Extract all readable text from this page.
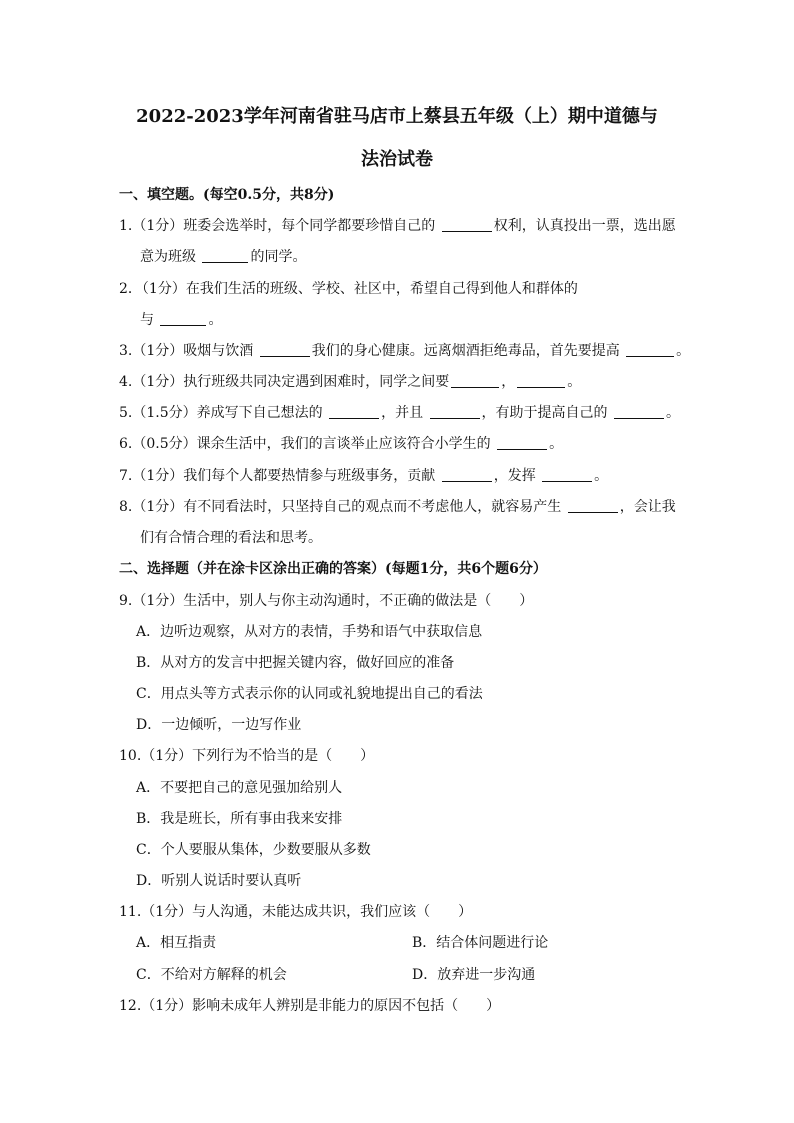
2022-2023学年河南省驻马店市上蔡县五年级（上）期中道德与

法治试卷

一、填空题。(每空0.5分，共8分)

1.（1分）班委会选举时，每个同学都要珍惜自己的	权利，认真投出一票，选出愿

意为班级	的同学。

2．（1分）在我们生活的班级、学校、社区中，希望自己得到他人和群体的

与	。

3.（1分）吸烟与饮酒	我们的身心健康。远离烟酒拒绝毒品，首先要提高	。

4.（1分）执行班级共同决定遇到困难时，同学之间要	，	。

5.（1.5分）养成写下自己想法的	，并且	，有助于提高自己的	。

6.（0.5分）课余生活中，我们的言谈举止应该符合小学生的	。

7.（1分）我们每个人都要热情参与班级事务，贡献	，发挥	。

8.（1分）有不同看法时，只坚持自己的观点而不考虑他人，就容易产生	，会让我

们有合情合理的看法和思考。

二、选择题（并在涂卡区涂出正确的答案）(每题1分，共6个题6分）

9.（1分）生活中，别人与你主动沟通时，不正确的做法是（　　）

A．边听边观察，从对方的表情，手势和语气中获取信息

B．从对方的发言中把握关键内容，做好回应的准备

C．用点头等方式表示你的认同或礼貌地提出自己的看法

D．一边倾听，一边写作业

10.（1分）下列行为不恰当的是（　　）

A．不要把自己的意见强加给别人

B．我是班长，所有事由我来安排

C．个人要服从集体，少数要服从多数

D．听别人说话时要认真听

11.（1分）与人沟通，未能达成共识，我们应该（　　）

A．相互指责	B．结合体问题进行论

C．不给对方解释的机会	D．放弃进一步沟通

12.（1分）影响未成年人辨别是非能力的原因不包括（　　）
